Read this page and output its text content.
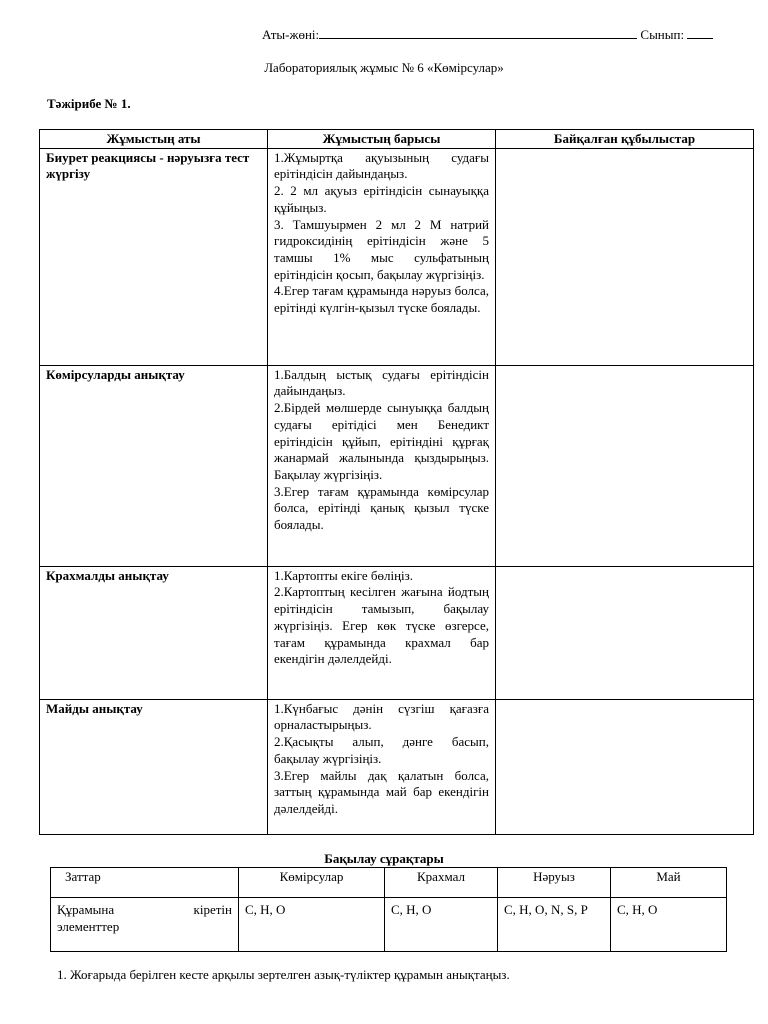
Аты-жөні:	Сынып:
Лабораториялық жұмыс № 6 «Көмірсулар»
Тәжірибе № 1.
Жұмыстың аты	Жұмыстың барысы	Байқалған құбылыстар
Биурет реакциясы - нәруызға тест жүргізу	1.Жұмыртқа ақуызының судағы ерітіндісін дайындаңыз.
2. 2 мл ақуыз ерітіндісін сынауыққа құйыңыз.
3. Тамшуырмен 2 мл 2 М натрий гидроксидінің ерітіндісін және 5 тамшы 1% мыс сульфатының ерітіндісін қосып, бақылау жүргізіңіз.
4.Егер тағам құрамында нәруыз болса, ерітінді күлгін-қызыл түске боялады.	

Көмірсуларды анықтау	1.Балдың ыстық судағы ерітіндісін дайындаңыз.
2.Бірдей мөлшерде сынуыққа балдың судағы ерітідісі мен Бенедикт ерітіндісін құйып, ерітіндіні құрғақ жанармай жалынында қыздырыңыз. Бақылау жүргізіңіз.
3.Егер тағам құрамында көмірсулар болса, ерітінді қанық қызыл түске боялады.	

Крахмалды анықтау	1.Картопты екіге бөліңіз.
2.Картоптың кесілген жағына йодтың ерітіндісін тамызып, бақылау жүргізіңіз. Егер көк түске өзгерсе, тағам құрамында крахмал бар екендігін дәлелдейді.	

Майды анықтау	1.Күнбағыс дәнін сүзгіш қағазға орналастырыңыз.
2.Қасықты алып, дәнге басып, бақылау жүргізіңіз.
3.Егер майлы дақ қалатын болса, заттың құрамында май бар екендігін дәлелдейді.	

Бақылау сұрақтары
Заттар	Көмірсулар	Крахмал	Нәруыз	Май

Құрамына кіретін
элементтер	C, H, O	C, H, O	C, H, O, N, S, P	C, H, O
1. Жоғарыда берілген кесте арқылы зертелген азық-түліктер құрамын анықтаңыз.
